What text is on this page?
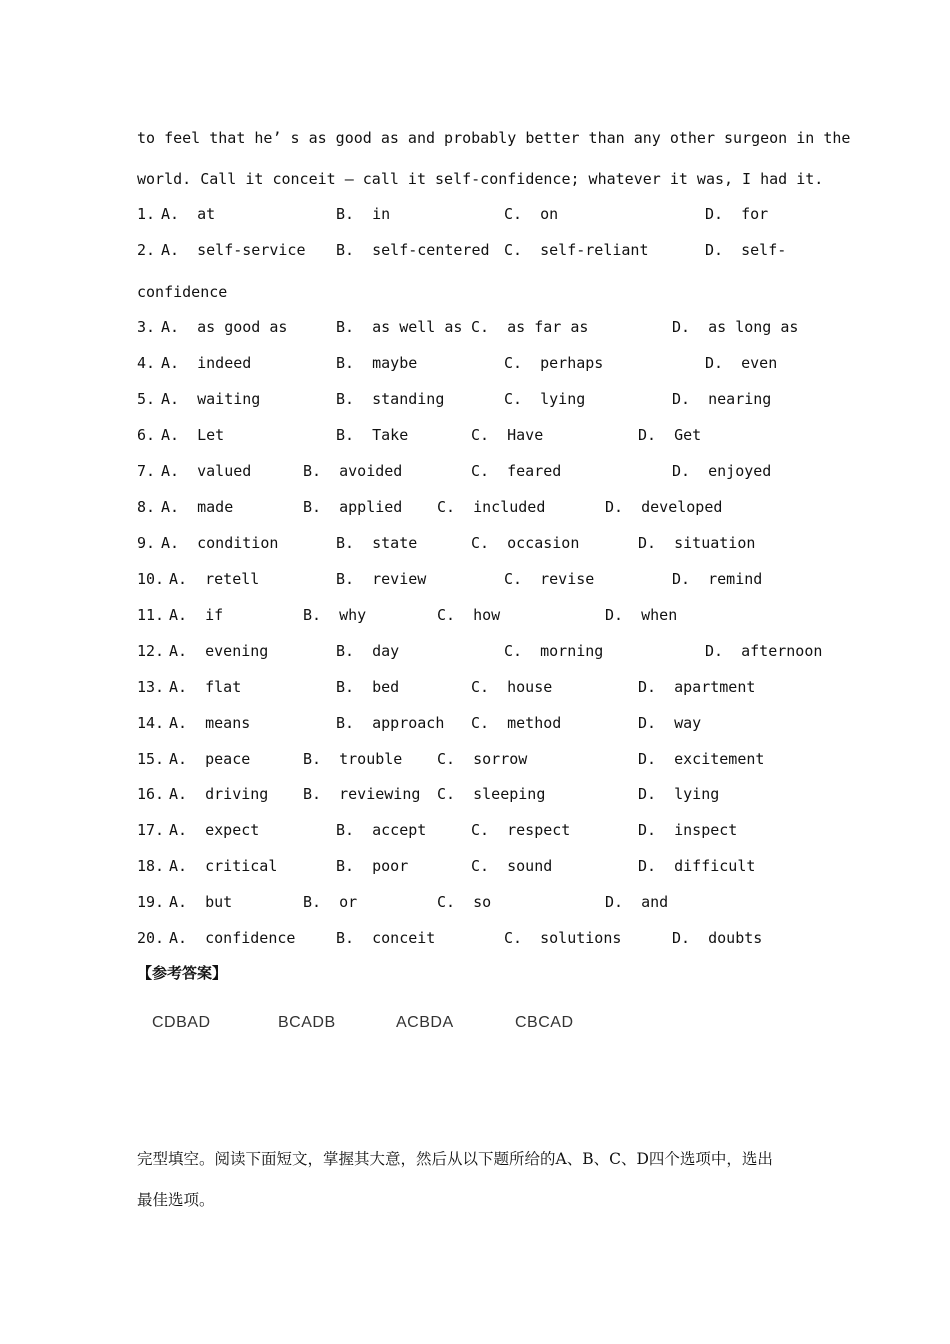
to feel that he’ s as good as and probably better than any other surgeon in the
world. Call it conceit — call it self-confidence; whatever it was, I had it.

1.

A.  at

	B.  in

	C.  on

	D.  for

2.

A.  self-service

B.  self-centered

C.  self-reliant

	D.  self-

confidence

3.

A.  as good as

	B.  as well as

C.  as far as

	D.  as long as

4.

A.  indeed

	B.  maybe

	C.  perhaps

	D.  even

5.

A.  waiting

	B.  standing

	C.  lying

	D.  nearing

6.

A.  Let

	B.  Take

	C.  Have

	D.  Get

7.

A.  valued

	B.  avoided

	C.  feared

	D.  enjoyed

8.

A.  made

	B.  applied

C.  included

	D.  developed

9.

A.  condition

	B.  state

	C.  occasion

	D.  situation

10.

A.  retell

	B.  review

	C.  revise

	D.  remind

11.

A.  if

	B.  why

	C.  how

	D.  when

12.

A.  evening

	B.  day

	C.  morning

	D.  afternoon

13.

A.  flat

	B.  bed

	C.  house

	D.  apartment

14.

A.  means

	B.  approach

C.  method

	D.  way

15.

A.  peace

	B.  trouble

C.  sorrow

	D.  excitement

16.

A.  driving

B.  reviewing

C.  sleeping

	D.  lying

17.

A.  expect

	B.  accept

	C.  respect

	D.  inspect

18.

A.  critical

	B.  poor

	C.  sound

	D.  difficult

19.

A.  but

	B.  or

	C.  so

	D.  and

20.

A.  confidence

	B.  conceit

	C.  solutions

	D.  doubts

【参考答案】
CDBAD	BCADB	ACBDA	CBCAD
完型填空。阅读下面短文，掌握其大意，然后从以下题所给的A、B、C、D四个选项中，选出
最佳选项。
